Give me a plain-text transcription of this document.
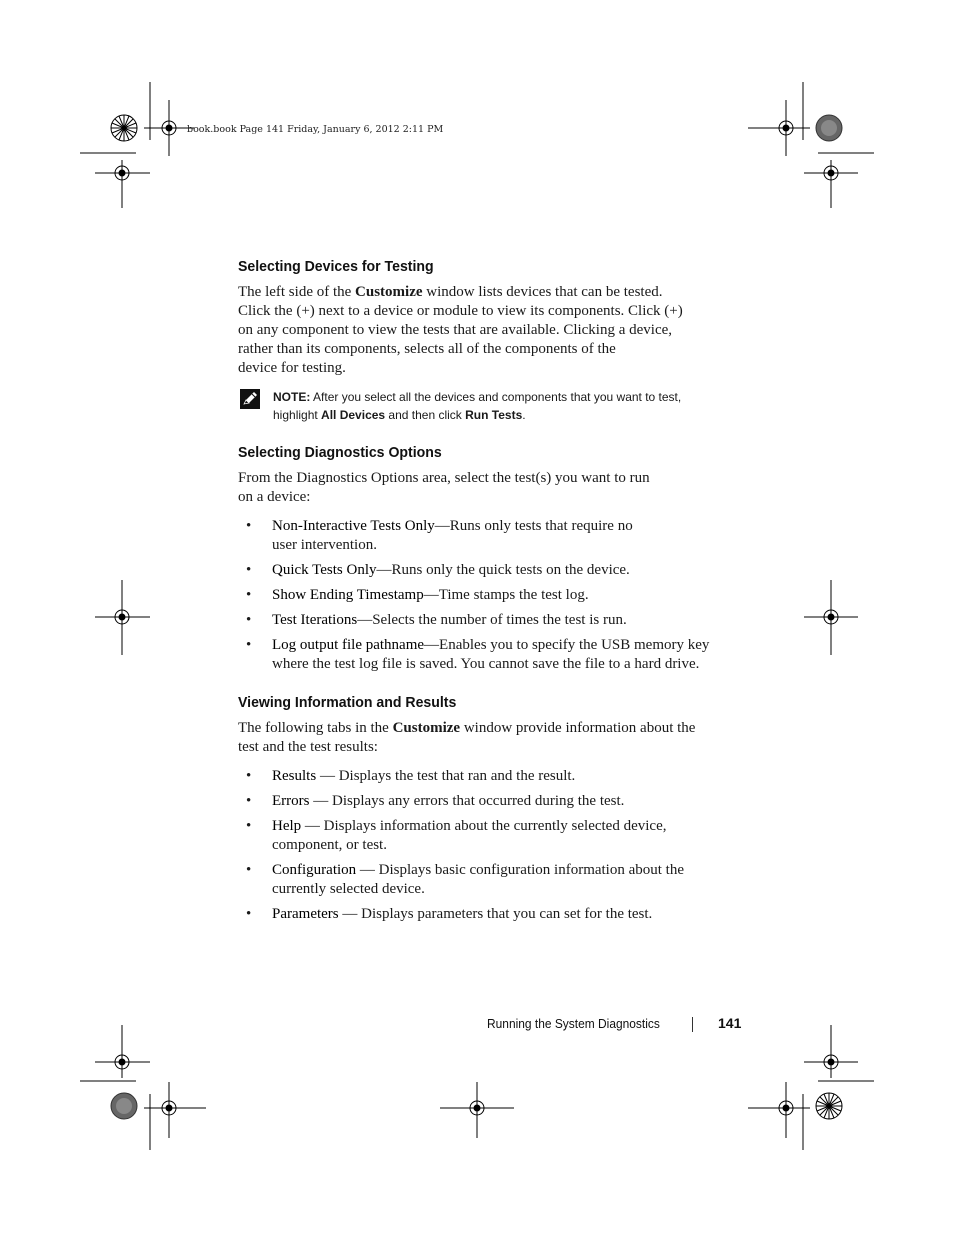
book.book Page 141 Friday, January 6, 2012 2:11 PM
Selecting Devices for Testing

The left side of the Customize window lists devices that can be tested.
Click the (+) next to a device or module to view its components. Click (+)
on any component to view the tests that are available. Clicking a device,
rather than its components, selects all of the components of the
device for testing.

NOTE: After you select all the devices and components that you want to test,
highlight All Devices and then click Run Tests.
Selecting Diagnostics Options

From the Diagnostics Options area, select the test(s) you want to run
on a device:

• Non-Interactive Tests Only—Runs only tests that require no
user intervention.
• Quick Tests Only—Runs only the quick tests on the device.
• Show Ending Timestamp—Time stamps the test log.
• Test Iterations—Selects the number of times the test is run.
• Log output file pathname—Enables you to specify the USB memory key
where the test log file is saved. You cannot save the file to a hard drive.
Viewing Information and Results

The following tabs in the Customize window provide information about the
test and the test results:

• Results — Displays the test that ran and the result.
• Errors — Displays any errors that occurred during the test.
• Help — Displays information about the currently selected device,
component, or test.
• Configuration — Displays basic configuration information about the
currently selected device.
• Parameters — Displays parameters that you can set for the test.
Running the System Diagnostics	141
